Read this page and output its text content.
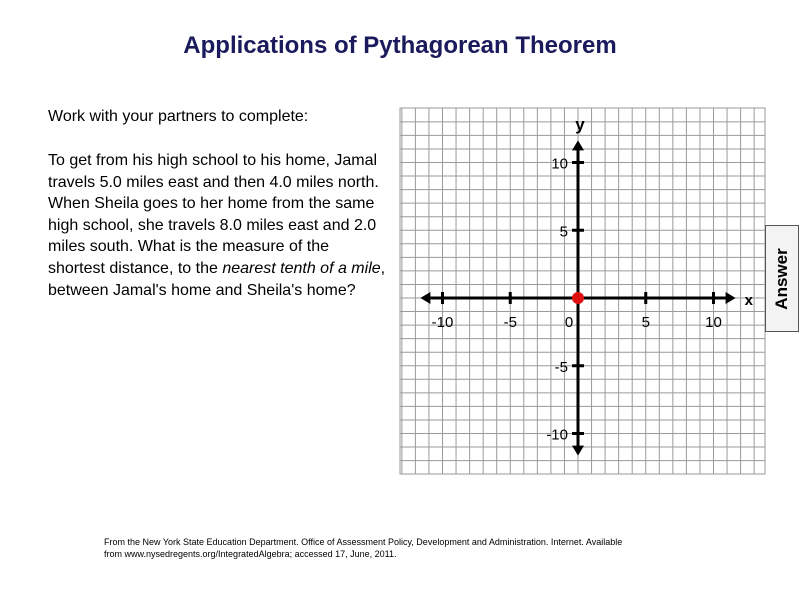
Applications of Pythagorean Theorem
Work with your partners to complete:

To get from his high school to his home, Jamal travels 5.0 miles east and then 4.0 miles north. When Sheila goes to her home from the same high school, she travels 8.0 miles east and 2.0 miles south. What is the measure of the shortest distance, to the nearest tenth of a mile, between Jamal's home and Sheila's home?

-10	-5	0	5	10
10
5
-5
-10
x
y
Answer
From the New York State Education Department. Office of Assessment Policy, Development and Administration. Internet. Available from www.nysedregents.org/IntegratedAlgebra; accessed 17, June, 2011.
